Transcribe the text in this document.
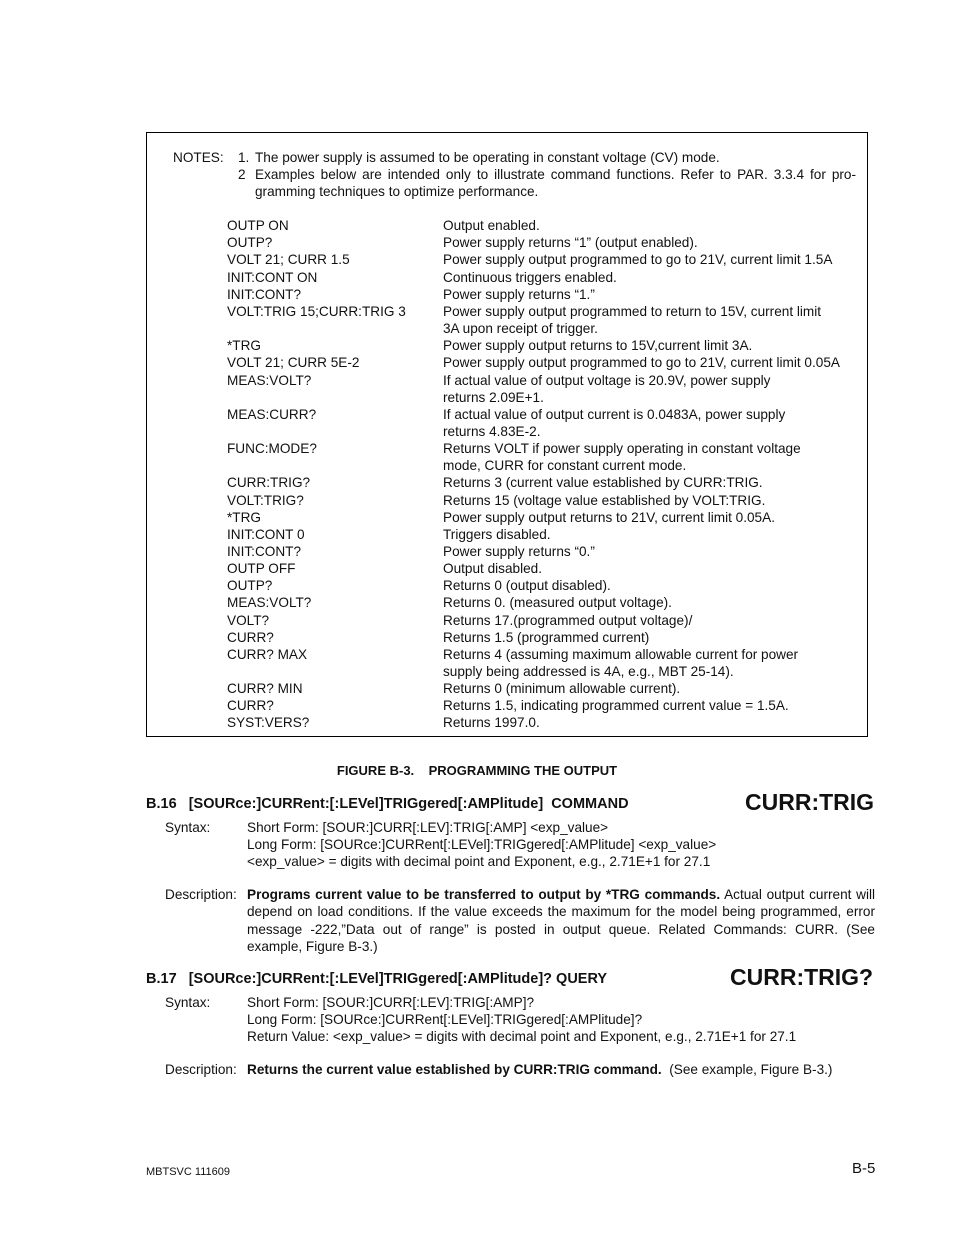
NOTES: 1. The power supply is assumed to be operating in constant voltage (CV) mode.
2 Examples below are intended only to illustrate command functions. Refer to PAR. 3.3.4 for pro-
gramming techniques to optimize performance.
OUTP ON	Output enabled.
OUTP?	Power supply returns “1” (output enabled).
VOLT 21; CURR 1.5	Power supply output programmed to go to 21V, current limit 1.5A
INIT:CONT ON	Continuous triggers enabled.
INIT:CONT?	Power supply returns “1.”
VOLT:TRIG 15;CURR:TRIG 3	Power supply output programmed to return to 15V, current limit
3A upon receipt of trigger.
*TRG	Power supply output returns to 15V,current limit 3A.
VOLT 21; CURR 5E-2	Power supply output programmed to go to 21V, current limit 0.05A
MEAS:VOLT?	If actual value of output voltage is 20.9V, power supply
returns 2.09E+1.
MEAS:CURR?	If actual value of output current is 0.0483A, power supply
returns 4.83E-2.
FUNC:MODE?	Returns VOLT if power supply operating in constant voltage
mode, CURR for constant current mode.
CURR:TRIG?	Returns 3 (current value established by CURR:TRIG.
VOLT:TRIG?	Returns 15 (voltage value established by VOLT:TRIG.
*TRG	Power supply output returns to 21V, current limit 0.05A.
INIT:CONT 0	Triggers disabled.
INIT:CONT?	Power supply returns “0.”
OUTP OFF	Output disabled.
OUTP?	Returns 0 (output disabled).
MEAS:VOLT?	Returns 0. (measured output voltage).
VOLT?	Returns 17.(programmed output voltage)/
CURR?	Returns 1.5 (programmed current)
CURR? MAX	Returns 4 (assuming maximum allowable current for power
supply being addressed is 4A, e.g., MBT 25-14).
CURR? MIN	Returns 0 (minimum allowable current).
CURR?	Returns 1.5, indicating programmed current value = 1.5A.
SYST:VERS?	Returns 1997.0.
FIGURE B-3.    PROGRAMMING THE OUTPUT
B.16   [SOURce:]CURRent:[:LEVel]TRIGgered[:AMPlitude]  COMMAND	CURR:TRIG
Syntax:	Short Form: [SOUR:]CURR[:LEV]:TRIG[:AMP] <exp_value>
Long Form: [SOURce:]CURRent[:LEVel]:TRIGgered[:AMPlitude] <exp_value>
<exp_value> = digits with decimal point and Exponent, e.g., 2.71E+1 for 27.1
Description: Programs current value to be transferred to output by *TRG commands. Actual output current will depend on load conditions. If the value exceeds the maximum for the model being programmed, error message -222,”Data out of range” is posted in output queue. Related Commands: CURR. (See example, Figure B-3.)
B.17   [SOURce:]CURRent:[:LEVel]TRIGgered[:AMPlitude]? QUERY	CURR:TRIG?
Syntax:	Short Form: [SOUR:]CURR[:LEV]:TRIG[:AMP]?
Long Form: [SOURce:]CURRent[:LEVel]:TRIGgered[:AMPlitude]?
Return Value: <exp_value> = digits with decimal point and Exponent, e.g., 2.71E+1 for 27.1
Description: Returns the current value established by CURR:TRIG command.  (See example, Figure B-3.)
MBTSVC 111609	B-5
